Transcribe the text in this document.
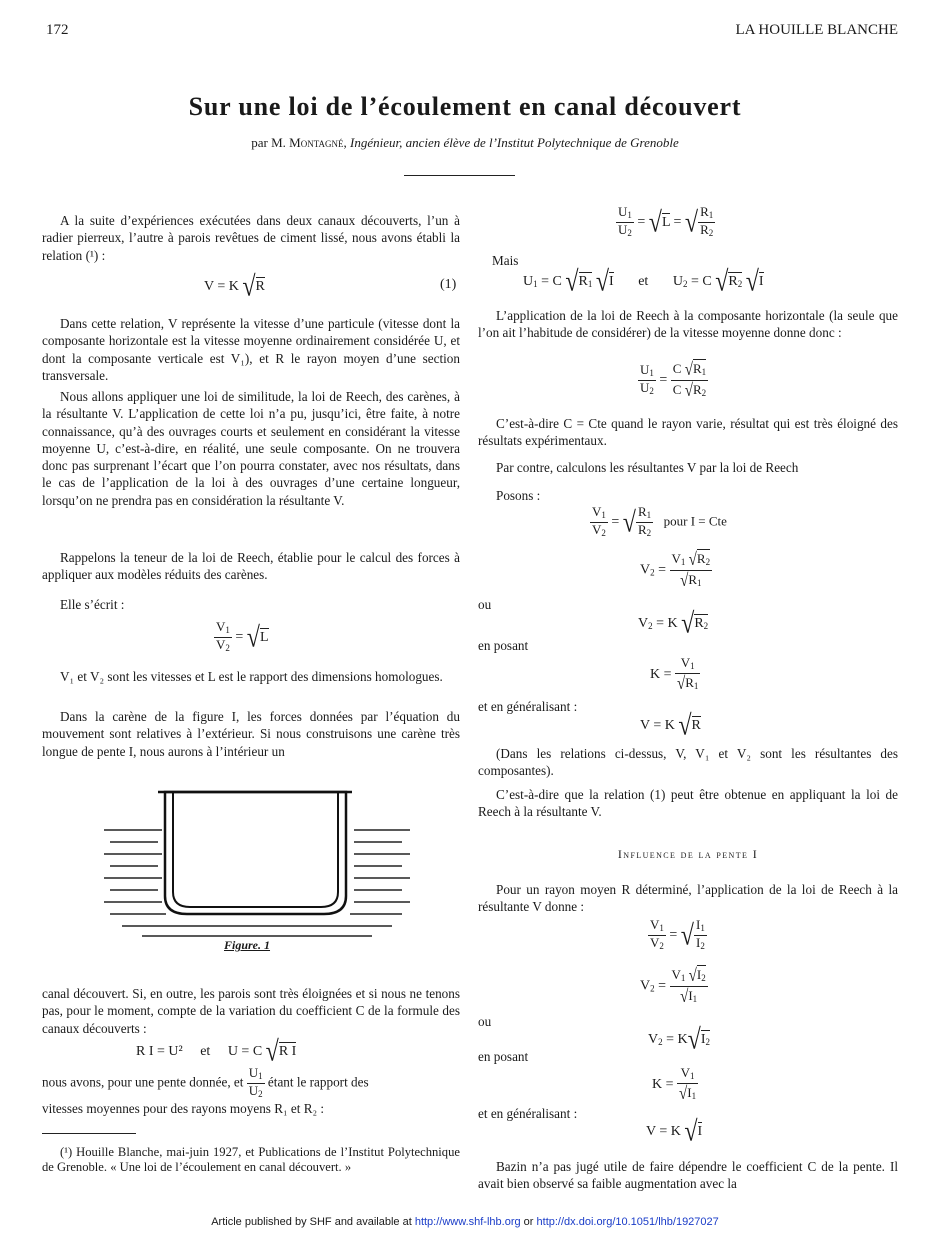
172	LA HOUILLE BLANCHE
Sur une loi de l’écoulement en canal découvert
par M. Montagné, Ingénieur, ancien élève de l’Institut Polytechnique de Grenoble
A la suite d’expériences exécutées dans deux canaux découverts, l’un à radier pierreux, l’autre à parois revêtues de ciment lissé, nous avons établi la relation (¹) :
V = K √R	(1)
Dans cette relation, V représente la vitesse d’une particule (vitesse dont la composante horizontale est la vitesse moyenne ordinairement considérée U, et dont la composante verticale est V₁), et R le rayon moyen d’une section transversale.
Nous allons appliquer une loi de similitude, la loi de Reech, des carènes, à la résultante V. L’application de cette loi n’a pu, jusqu’ici, être faite, à notre connaissance, qu’à des ouvrages courts et seulement en considérant la vitesse moyenne U, c’est-à-dire, en réalité, une seule composante. On ne trouvera donc pas surprenant l’écart que l’on pourra constater, avec nos résultats, dans le cas de l’application de la loi à des ouvrages d’une certaine longueur, lorsqu’on ne prendra pas en considération la résultante V.
Rappelons la teneur de la loi de Reech, établie pour le calcul des forces à appliquer aux modèles réduits des carènes.
Elle s’écrit :
$\frac{V_1}{V_2} = √L$
V₁ et V₂ sont les vitesses et L est le rapport des dimensions homologues.
Dans la carène de la figure I, les forces données par l’équation du mouvement sont relatives à l’extérieur. Si nous construisons une carène très longue de pente I, nous aurons à l’intérieur un
Figure. 1
canal découvert. Si, en outre, les parois sont très éloignées et si nous ne tenons pas, pour le moment, compte de la variation du coefficient C de la formule des canaux découverts :
R I = U²     et     U = C √R I
nous avons, pour une pente donnée, et $\frac{U_1}{U_2}$ étant le rapport des
vitesses moyennes pour des rayons moyens R₁ et R₂ :
(¹) Houille Blanche, mai-juin 1927, et Publications de l’Institut Polytechnique de Grenoble. « Une loi de l’écoulement en canal découvert. »
$\frac{U_1}{U_2} = √L$ = √ $\frac{R_1}{R_2}$
Mais
$U_1 = C$ $√R_1$ √I et       $U_2 = C$ $√R_2$ √I
L’application de la loi de Reech à la composante horizontale (la seule que l’on ait l’habitude de considérer) de la vitesse moyenne donne donc :
$\frac{U_1}{U_2} = \frac{C √R_1}{C √R_2}$
C’est-à-dire C = Cte quand le rayon varie, résultat qui est très éloigné des résultats expérimentaux.
Par contre, calculons les résultantes V par la loi de Reech
Posons :
$\frac{V_1}{V_2}$ = √ $\frac{R_1}{R_2}$ pour I = Cte
$V_2 = \frac{V_1 √R_2}{√R_1}$
ou
$V_2 = K$ $√R_2$
en posant
$K = \frac{V_1}{√R_1}$
et en généralisant :
V = K √R
(Dans les relations ci-dessus, V, V₁ et V₂ sont les résultantes des composantes).
C’est-à-dire que la relation (1) peut être obtenue en appliquant la loi de Reech à la résultante V.
Influence de la pente I
Pour un rayon moyen R déterminé, l’application de la loi de Reech à la résultante V donne :
$\frac{V_1}{V_2}$ = √ $\frac{I_1}{I_2}$
$V_2 = \frac{V_1 √I_2}{√I_1}$
ou
$V_2 = K√I_2$
en posant
$K = \frac{V_1}{√I_1}$
et en généralisant :
V = K √I
Bazin n’a pas jugé utile de faire dépendre le coefficient C de la pente. Il avait bien observé sa faible augmentation avec la
Article published by SHF and available at http://www.shf-lhb.org or http://dx.doi.org/10.1051/lhb/1927027
